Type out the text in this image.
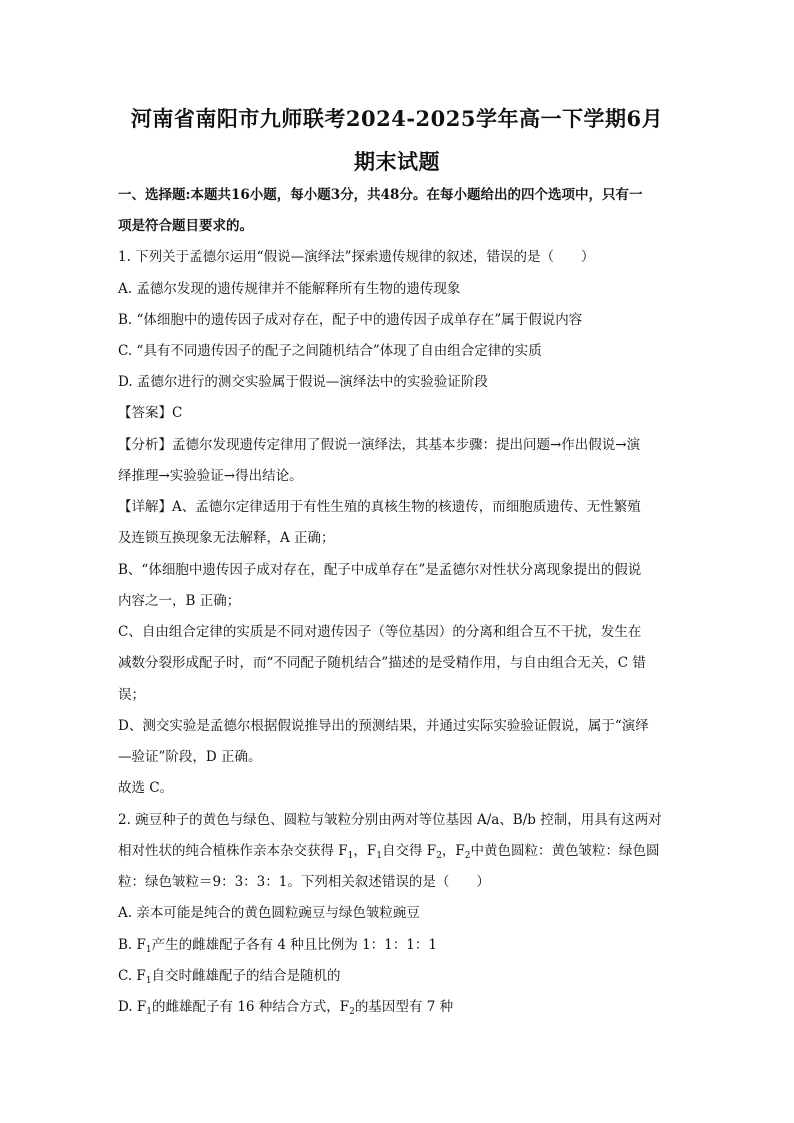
河南省南阳市九师联考2024-2025学年高一下学期6月
期末试题
一、选择题:本题共16小题，每小题3分，共48分。在每小题给出的四个选项中，只有一
项是符合题目要求的。
1. 下列关于孟德尔运用“假说—演绎法”探索遗传规律的叙述，错误的是（　　）
A. 孟德尔发现的遗传规律并不能解释所有生物的遗传现象
B. “体细胞中的遗传因子成对存在，配子中的遗传因子成单存在”属于假说内容
C. “具有不同遗传因子的配子之间随机结合”体现了自由组合定律的实质
D. 孟德尔进行的测交实验属于假说—演绎法中的实验验证阶段
【答案】C
【分析】孟德尔发现遗传定律用了假说一演绎法，其基本步骤：提出问题→作出假说→演
绎推理→实验验证→得出结论。
【详解】A、孟德尔定律适用于有性生殖的真核生物的核遗传，而细胞质遗传、无性繁殖
及连锁互换现象无法解释，A 正确；
B、“体细胞中遗传因子成对存在，配子中成单存在”是孟德尔对性状分离现象提出的假说
内容之一，B 正确；
C、自由组合定律的实质是不同对遗传因子（等位基因）的分离和组合互不干扰，发生在
减数分裂形成配子时，而“不同配子随机结合”描述的是受精作用，与自由组合无关，C 错
误；
D、测交实验是孟德尔根据假说推导出的预测结果，并通过实际实验验证假说，属于“演绎
—验证”阶段，D 正确。
故选 C。
2. 豌豆种子的黄色与绿色、圆粒与皱粒分别由两对等位基因 A/a、B/b 控制，用具有这两对
相对性状的纯合植株作亲本杂交获得 $F_1$，$F_1$自交得 $F_2$，$F_2$中黄色圆粒：黄色皱粒：绿色圆
粒：绿色皱粒＝9：3：3：1。下列相关叙述错误的是（　　）
A. 亲本可能是纯合的黄色圆粒豌豆与绿色皱粒豌豆
B. $F_1$产生的雌雄配子各有 4 种且比例为 1：1：1：1
C. $F_1$自交时雌雄配子的结合是随机的
D. $F_1$的雌雄配子有 16 种结合方式，$F_2$的基因型有 7 种
